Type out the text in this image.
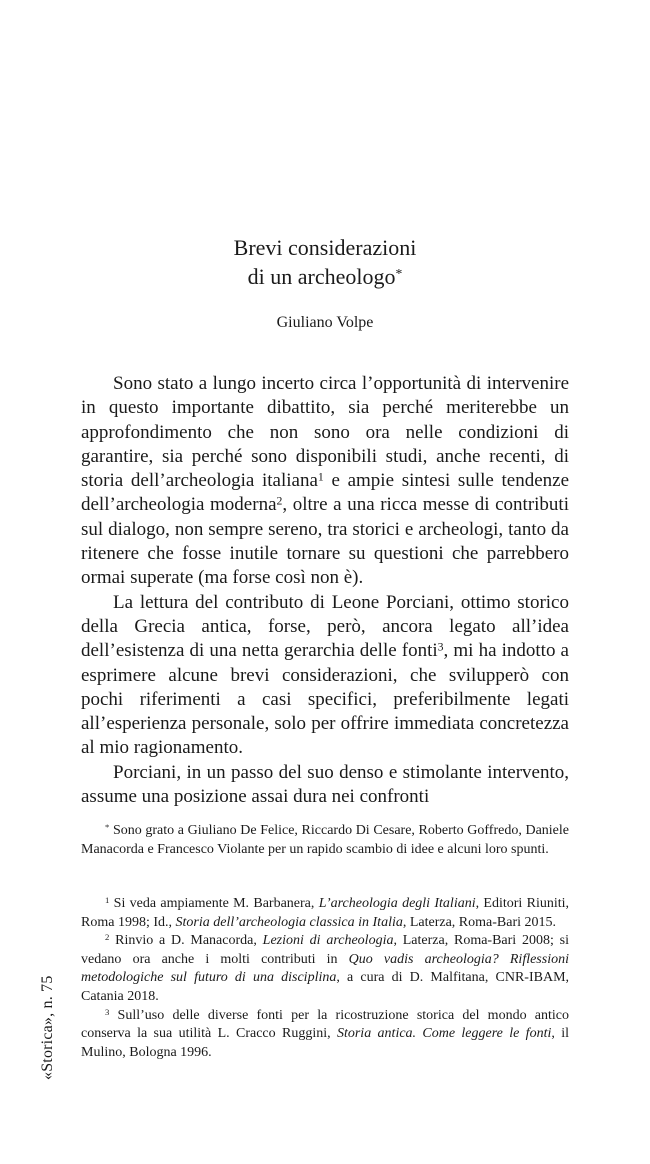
Brevi considerazioni
di un archeologo*
Giuliano Volpe

Sono stato a lungo incerto circa l’opportunità di intervenire in questo importante dibattito, sia perché meriterebbe un approfondimento che non sono ora nelle condizioni di garantire, sia perché sono disponibili studi, anche recenti, di storia dell’archeologia italiana$^1$ e ampie sintesi sulle tendenze dell’archeologia moderna$^2$, oltre a una ricca messe di contributi sul dialogo, non sempre sereno, tra storici e archeologi, tanto da ritenere che fosse inutile tornare su questioni che parrebbero ormai superate (ma forse così non è).

La lettura del contributo di Leone Porciani, ottimo storico della Grecia antica, forse, però, ancora legato all’idea dell’esistenza di una netta gerarchia delle fonti$^3$, mi ha indotto a esprimere alcune brevi considerazioni, che svilupperò con pochi riferimenti a casi specifici, preferibilmente legati all’esperienza personale, solo per offrire immediata concretezza al mio ragionamento.

Porciani, in un passo del suo denso e stimolante intervento, assume una posizione assai dura nei confronti

* Sono grato a Giuliano De Felice, Riccardo Di Cesare, Roberto Goffredo, Daniele Manacorda e Francesco Violante per un rapido scambio di idee e alcuni loro spunti.

$^1$ Si veda ampiamente M. Barbanera, L’archeologia degli Italiani, Editori Riuniti, Roma 1998; Id., Storia dell’archeologia classica in Italia, Laterza, Roma-Bari 2015.

$^2$ Rinvio a D. Manacorda, Lezioni di archeologia, Laterza, Roma-Bari 2008; si vedano ora anche i molti contributi in Quo vadis archeologia? Riflessioni metodologiche sul futuro di una disciplina, a cura di D. Malfitana, CNR-IBAM, Catania 2018.

$^3$ Sull’uso delle diverse fonti per la ricostruzione storica del mondo antico conserva la sua utilità L. Cracco Ruggini, Storia antica. Come leggere le fonti, il Mulino, Bologna 1996.

«Storica», n. 75
